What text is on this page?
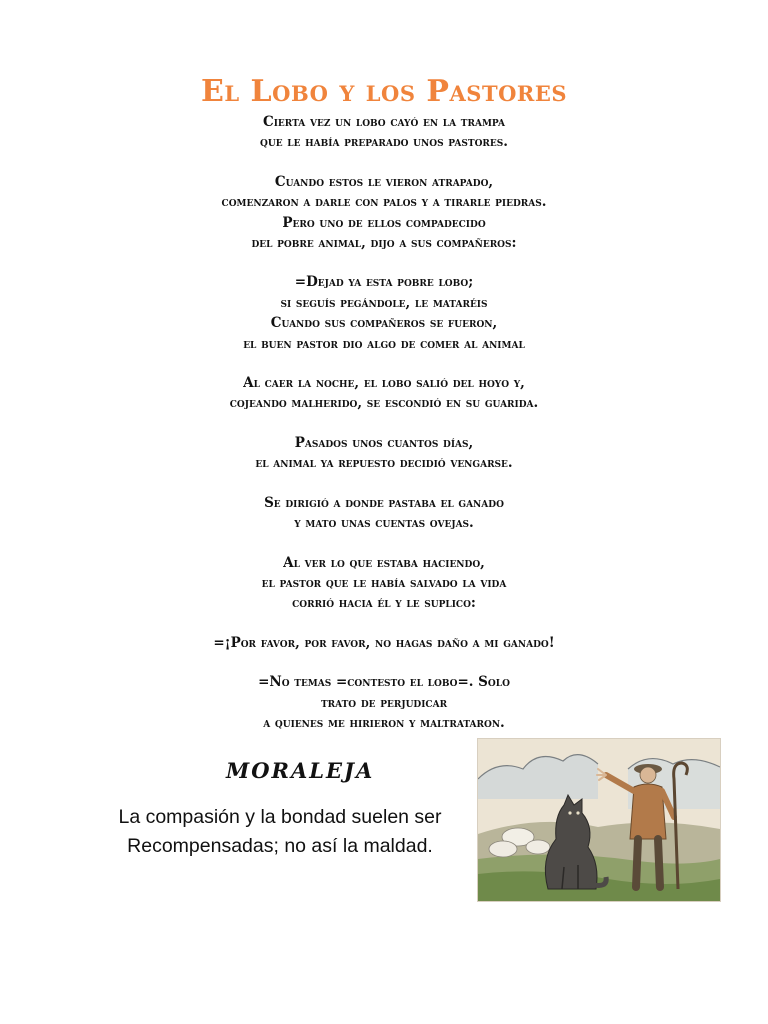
El Lobo y los Pastores

Cierta vez un lobo cayó en la trampa
que le había preparado unos pastores.

Cuando estos le vieron atrapado,
comenzaron a darle con palos y a tirarle piedras.
Pero uno de ellos compadecido
del pobre animal, dijo a sus compañeros:

=Dejad ya esta pobre lobo;
si seguís pegándole, le mataréis
Cuando sus compañeros se fueron,
el buen pastor dio algo de comer al animal

Al caer la noche, el lobo salió del hoyo y,
cojeando malherido, se escondió en su guarida.

Pasados unos cuantos días,
el animal ya repuesto decidió vengarse.

Se dirigió a donde pastaba el ganado
y mato unas cuentas ovejas.

Al ver lo que estaba haciendo,
el pastor que le había salvado la vida
corrió hacia él y le suplico:

=¡Por favor, por favor, no hagas daño a mi ganado!

=No temas =contesto el lobo=. Solo
trato de perjudicar
a quienes me hirieron y maltrataron.

MORALEJA
La compasión y la bondad suelen ser
Recompensadas; no así la maldad.
